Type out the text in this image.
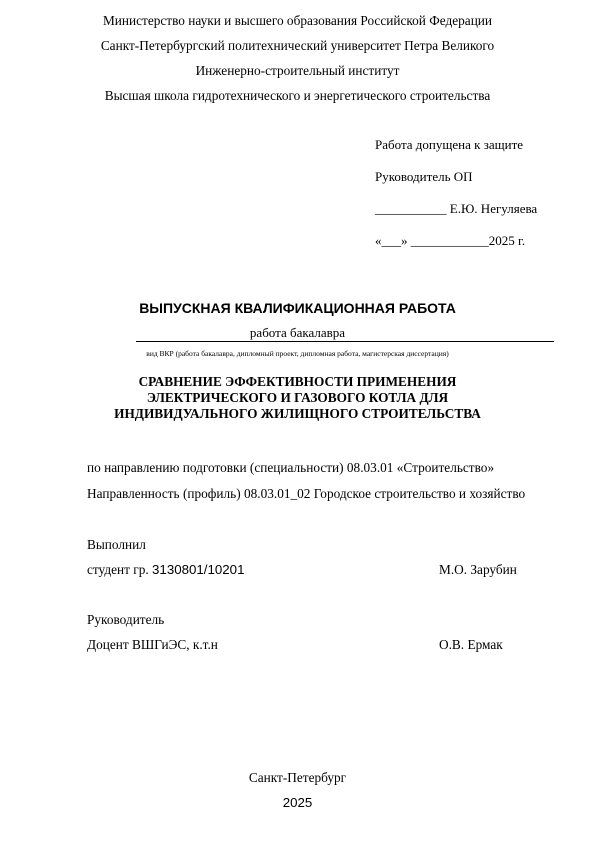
Министерство науки и высшего образования Российской Федерации
Санкт-Петербургский политехнический университет Петра Великого
Инженерно-строительный институт
Высшая школа гидротехнического и энергетического строительства
Работа допущена к защите
Руководитель ОП
___________ Е.Ю. Негуляева
«___» ____________2025 г.
ВЫПУСКНАЯ КВАЛИФИКАЦИОННАЯ РАБОТА
работа бакалавра
вид ВКР (работа бакалавра, дипломный проект, дипломная работа, магистерская диссертация)
СРАВНЕНИЕ ЭФФЕКТИВНОСТИ ПРИМЕНЕНИЯ
ЭЛЕКТРИЧЕСКОГО И ГАЗОВОГО КОТЛА ДЛЯ
ИНДИВИДУАЛЬНОГО ЖИЛИЩНОГО СТРОИТЕЛЬСТВА
по направлению подготовки (специальности) 08.03.01 «Строительство»
Направленность (профиль) 08.03.01_02 Городское строительство и хозяйство
Выполнил
студент гр. 3130801/10201	М.О. Зарубин
Руководитель
Доцент ВШГиЭС, к.т.н	О.В. Ермак
Санкт-Петербург
2025
